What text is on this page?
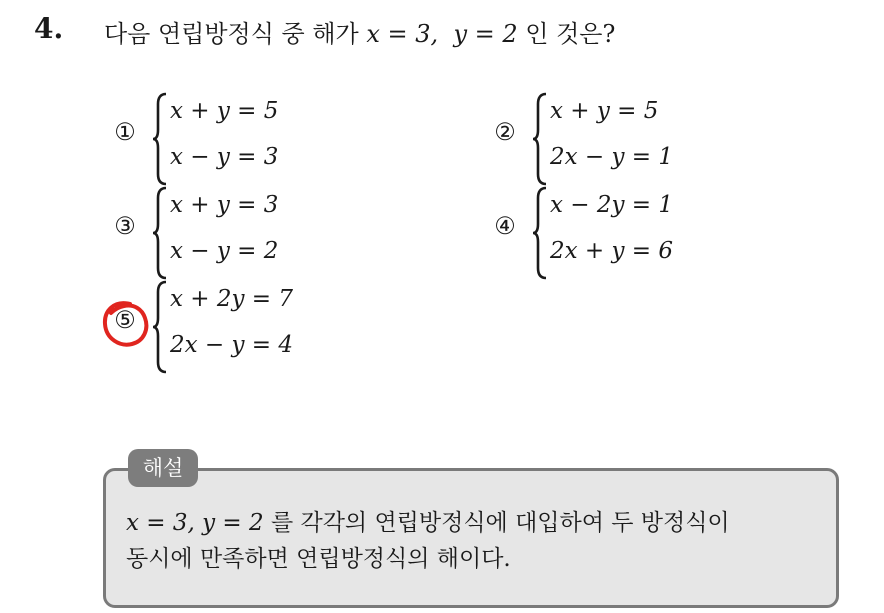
4. 다음 연립방정식 중 해가 x = 3, y = 2 인 것은?
①
x + y = 5
x − y = 3
②
x + y = 5
2x − y = 1
③
x + y = 3
x − y = 2
④
x − 2y = 1
2x + y = 6
⑤
x + 2y = 7
2x − y = 4
해설
x = 3, y = 2 를 각각의 연립방정식에 대입하여 두 방정식이
동시에 만족하면 연립방정식의 해이다.
